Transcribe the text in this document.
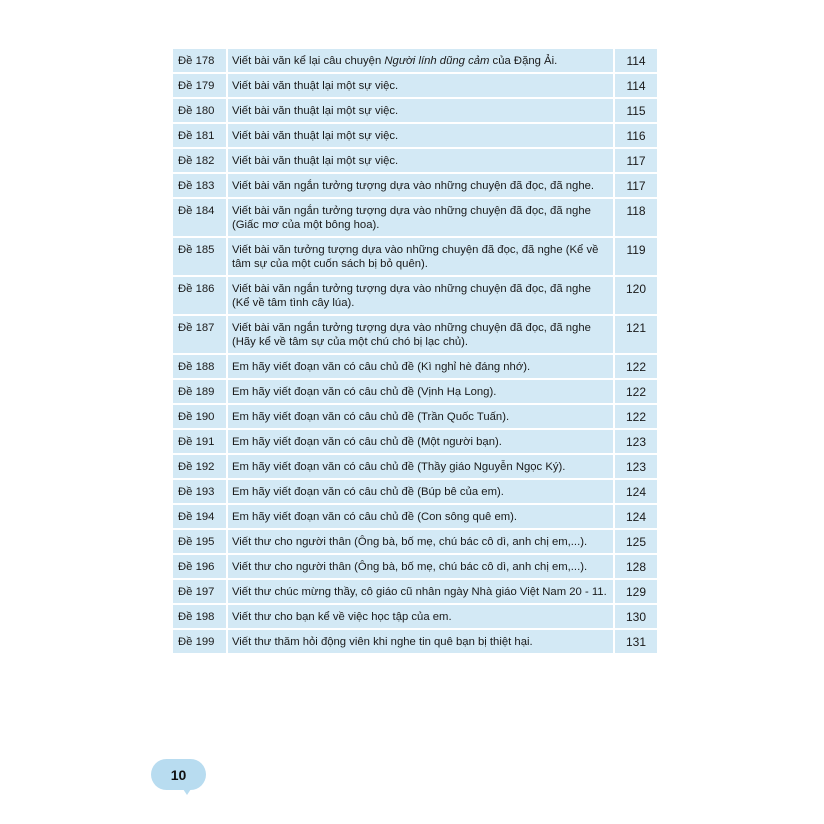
Đề 178	Viết bài văn kể lại câu chuyện Người lính dũng cảm của Đặng Ải.	114
Đề 179	Viết bài văn thuật lại một sự việc.	114
Đề 180	Viết bài văn thuật lại một sự việc.	115
Đề 181	Viết bài văn thuật lại một sự việc.	116
Đề 182	Viết bài văn thuật lại một sự việc.	117
Đề 183	Viết bài văn ngắn tưởng tượng dựa vào những chuyện đã đọc, đã nghe.	117
Đề 184	Viết bài văn ngắn tưởng tượng dựa vào những chuyện đã đọc, đã nghe (Giấc mơ của một bông hoa).	118
Đề 185	Viết bài văn tưởng tượng dựa vào những chuyện đã đọc, đã nghe (Kể về tâm sự của một cuốn sách bị bỏ quên).	119
Đề 186	Viết bài văn ngắn tưởng tượng dựa vào những chuyện đã đọc, đã nghe (Kể về tâm tình cây lúa).	120
Đề 187	Viết bài văn ngắn tưởng tượng dựa vào những chuyện đã đọc, đã nghe (Hãy kể về tâm sự của một chú chó bị lạc chủ).	121
Đề 188	Em hãy viết đoạn văn có câu chủ đề (Kì nghỉ hè đáng nhớ).	122
Đề 189	Em hãy viết đoạn văn có câu chủ đề (Vịnh Hạ Long).	122
Đề 190	Em hãy viết đoạn văn có câu chủ đề (Trần Quốc Tuấn).	122
Đề 191	Em hãy viết đoạn văn có câu chủ đề (Một người bạn).	123
Đề 192	Em hãy viết đoạn văn có câu chủ đề (Thầy giáo Nguyễn Ngọc Ký).	123
Đề 193	Em hãy viết đoạn văn có câu chủ đề (Búp bê của em).	124
Đề 194	Em hãy viết đoạn văn có câu chủ đề (Con sông quê em).	124
Đề 195	Viết thư cho người thân (Ông bà, bố mẹ, chú bác cô dì, anh chị em,...).	125
Đề 196	Viết thư cho người thân (Ông bà, bố mẹ, chú bác cô dì, anh chị em,...).	128
Đề 197	Viết thư chúc mừng thầy, cô giáo cũ nhân ngày Nhà giáo Việt Nam 20 - 11.	129
Đề 198	Viết thư cho bạn kể về việc học tập của em.	130
Đề 199	Viết thư thăm hỏi động viên khi nghe tin quê bạn bị thiệt hại.	131
10
